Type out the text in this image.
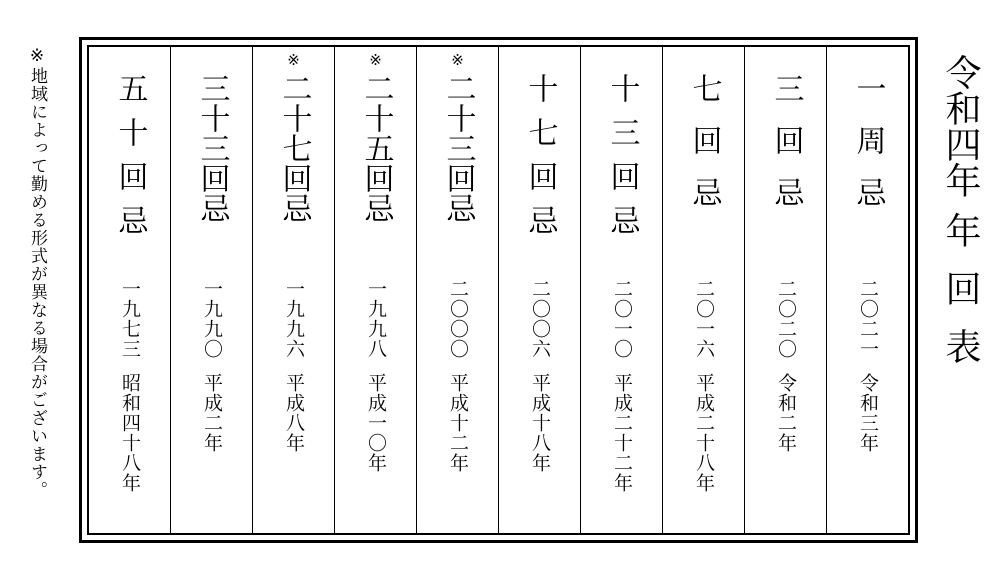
※地域によって勤める形式が異なる場合がございます。	令和四年年回表
五十回忌
一九七三昭和四十八年
三十三回忌
一九九〇平成二年
※
二十七回忌
一九九六平成八年
※
二十五回忌
一九九八平成一〇年
※
二十三回忌
二〇〇〇平成十二年
十七回忌
二〇〇六平成十八年
十三回忌
二〇一〇平成二十二年
七回忌
二〇一六平成二十八年
三回忌
二〇二〇令和二年
一周忌
二〇二一令和三年
